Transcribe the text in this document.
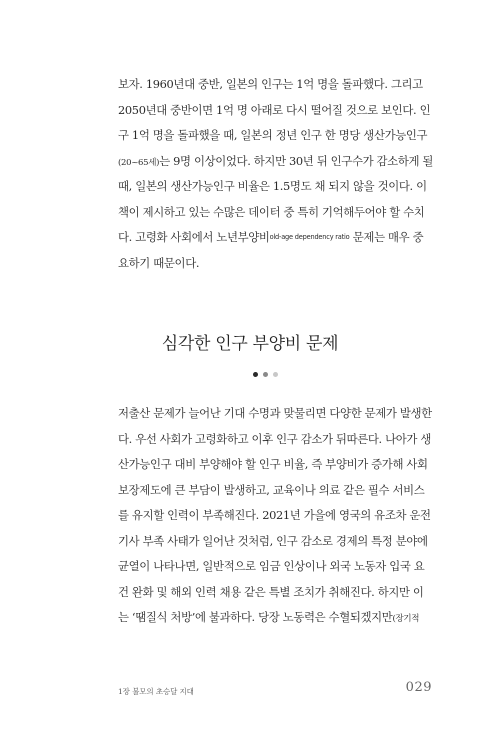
보자. 1960년대 중반, 일본의 인구는 1억 명을 돌파했다. 그리고
2050년대 중반이면 1억 명 아래로 다시 떨어질 것으로 보인다. 인
구 1억 명을 돌파했을 때, 일본의 정년 인구 한 명당 생산가능인구
(20~65세)는 9명 이상이었다. 하지만 30년 뒤 인구수가 감소하게 될
때, 일본의 생산가능인구 비율은 1.5명도 채 되지 않을 것이다. 이
책이 제시하고 있는 수많은 데이터 중 특히 기억해두어야 할 수치
다. 고령화 사회에서 노년부양비old-age dependency ratio 문제는 매우 중
요하기 때문이다.
심각한 인구 부양비 문제
저출산 문제가 늘어난 기대 수명과 맞물리면 다양한 문제가 발생한
다. 우선 사회가 고령화하고 이후 인구 감소가 뒤따른다. 나아가 생
산가능인구 대비 부양해야 할 인구 비율, 즉 부양비가 증가해 사회
보장제도에 큰 부담이 발생하고, 교육이나 의료 같은 필수 서비스
를 유지할 인력이 부족해진다. 2021년 가을에 영국의 유조차 운전
기사 부족 사태가 일어난 것처럼, 인구 감소로 경제의 특정 분야에
균열이 나타나면, 일반적으로 임금 인상이나 외국 노동자 입국 요
건 완화 및 해외 인력 채용 같은 특별 조치가 취해진다. 하지만 이
는 ‘땜질식 처방’에 불과하다. 당장 노동력은 수혈되겠지만(장기적
1장 불모의 초승달 지대	029
